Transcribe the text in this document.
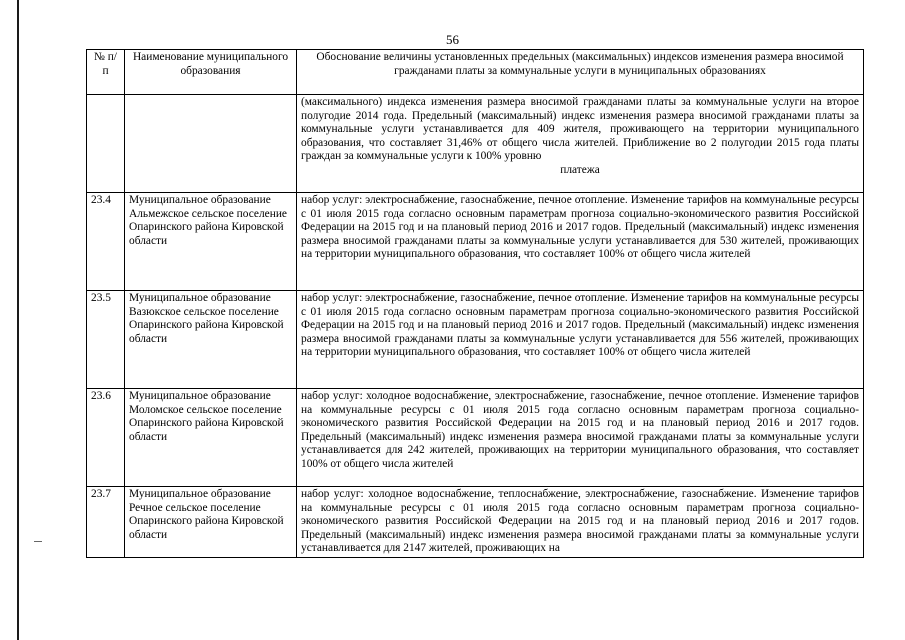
56
№ п/п	Наименование муниципального образования	Обоснование величины установленных предельных (максимальных) индексов изменения размера вносимой гражданами платы за коммунальные услуги в муниципальных образованиях
		(максимального) индекса изменения размера вносимой гражданами платы за коммунальные услуги на второе полугодие 2014 года. Предельный (максимальный) индекс изменения размера вносимой гражданами платы за коммунальные услуги устанавливается для 409 жителя, проживающего на территории муниципального образования, что составляет 31,46% от общего числа жителей. Приближение во 2 полугодии 2015 года платы граждан за коммунальные услуги к 100% уровню
платежа

23.4	Муниципальное образование Альмежское сельское поселение Опаринского района Кировской области	набор услуг: электроснабжение, газоснабжение, печное отопление. Изменение тарифов на коммунальные ресурсы с 01 июля 2015 года согласно основным параметрам прогноза социально-экономического развития Российской Федерации на 2015 год и на плановый период 2016 и 2017 годов. Предельный (максимальный) индекс изменения размера вносимой гражданами платы за коммунальные услуги устанавливается для 530 жителей, проживающих на территории муниципального образования, что составляет 100% от общего числа жителей
23.5	Муниципальное образование Вазюкское сельское поселение Опаринского района Кировской области	набор услуг: электроснабжение, газоснабжение, печное отопление. Изменение тарифов на коммунальные ресурсы с 01 июля 2015 года согласно основным параметрам прогноза социально-экономического развития Российской Федерации на 2015 год и на плановый период 2016 и 2017 годов. Предельный (максимальный) индекс изменения размера вносимой гражданами платы за коммунальные услуги устанавливается для 556 жителей, проживающих на территории муниципального образования, что составляет 100% от общего числа жителей
23.6	Муниципальное образование Моломское сельское поселение Опаринского района Кировской области	набор услуг: холодное водоснабжение, электроснабжение, газоснабжение, печное отопление. Изменение тарифов на коммунальные ресурсы с 01 июля 2015 года согласно основным параметрам прогноза социально-экономического развития Российской Федерации на 2015 год и на плановый период 2016 и 2017 годов. Предельный (максимальный) индекс изменения размера вносимой гражданами платы за коммунальные услуги устанавливается для 242 жителей, проживающих на территории муниципального образования, что составляет 100% от общего числа жителей
23.7	Муниципальное образование Речное сельское поселение Опаринского района Кировской области	набор услуг: холодное водоснабжение, теплоснабжение, электроснабжение, газоснабжение. Изменение тарифов на коммунальные ресурсы с 01 июля 2015 года согласно основным параметрам прогноза социально-экономического развития Российской Федерации на 2015 год и на плановый период 2016 и 2017 годов. Предельный (максимальный) индекс изменения размера вносимой гражданами платы за коммунальные услуги устанавливается для 2147 жителей, проживающих на
